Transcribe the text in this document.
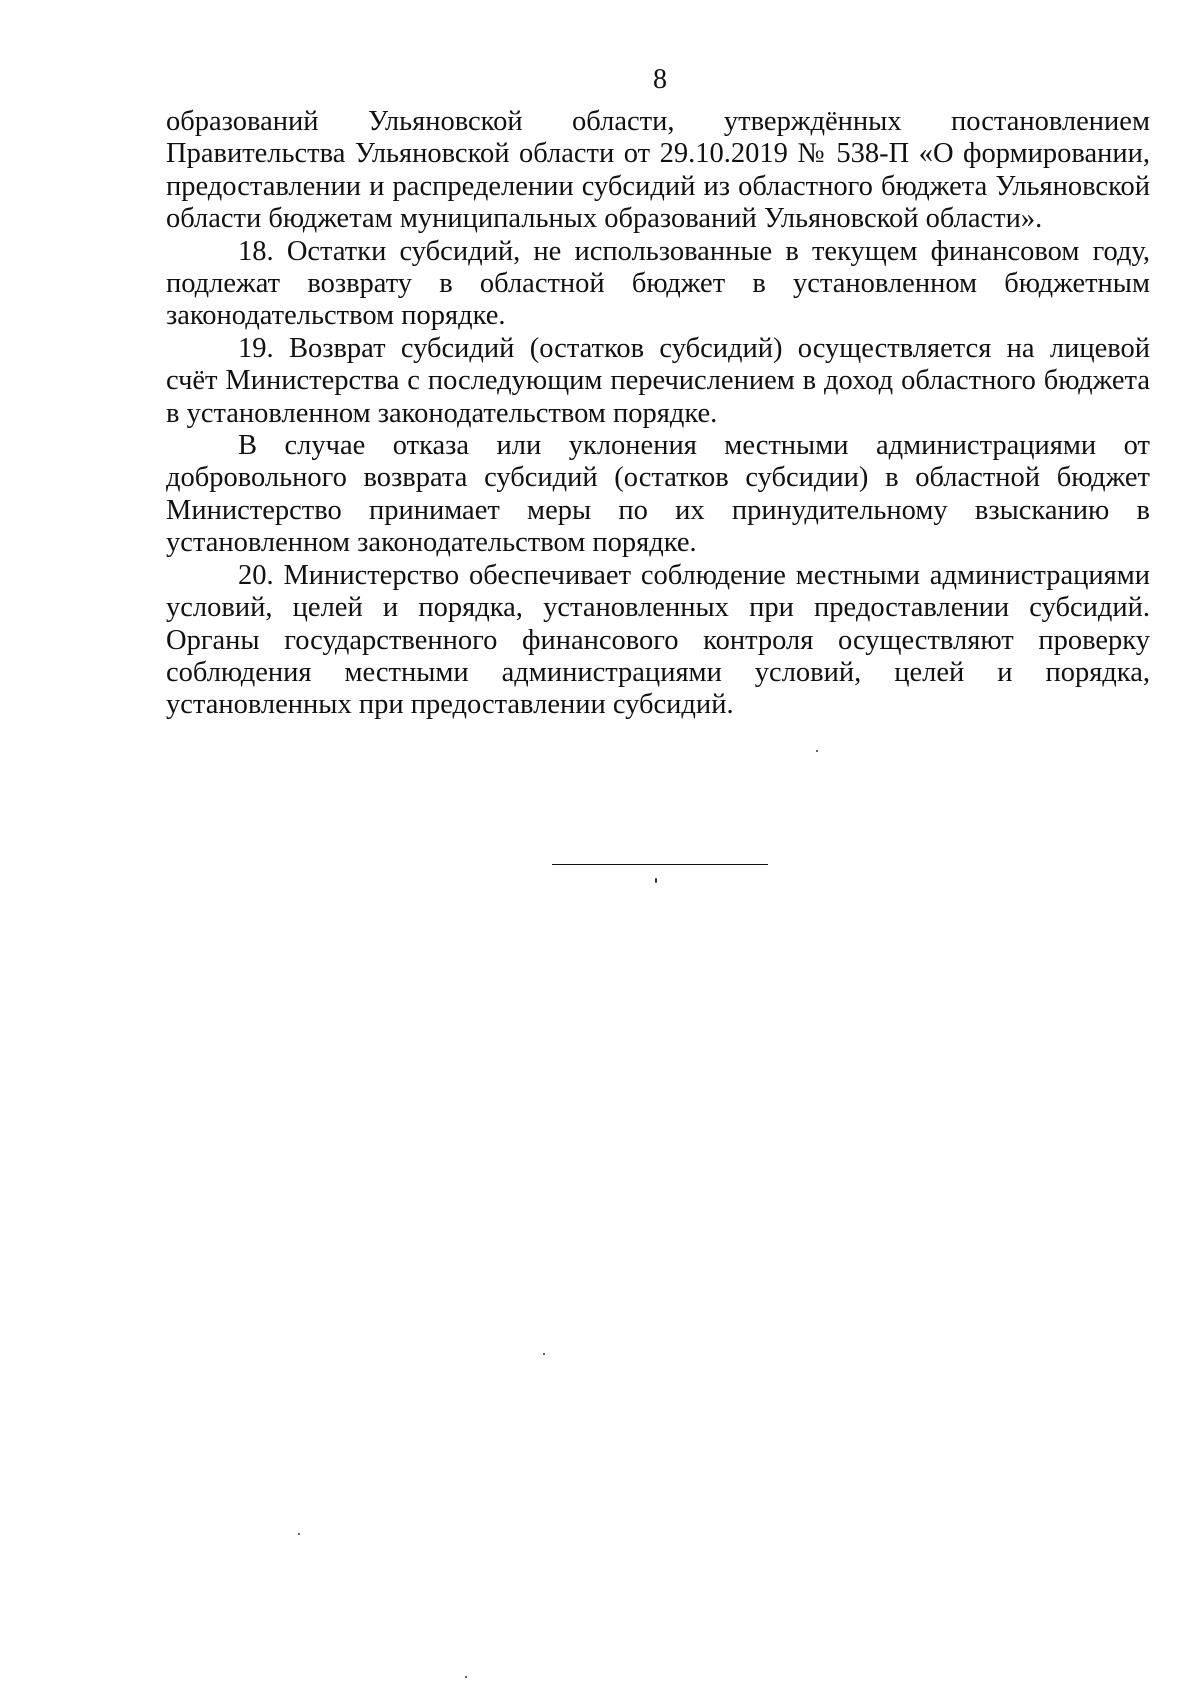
8

образований Ульяновской области, утверждённых постановлением Правительства Ульяновской области от 29.10.2019 № 538-П «О формировании, предоставлении и распределении субсидий из областного бюджета Ульяновской области бюджетам муниципальных образований Ульяновской области».

18. Остатки субсидий, не использованные в текущем финансовом году, подлежат возврату в областной бюджет в установленном бюджетным законодательством порядке.

19. Возврат субсидий (остатков субсидий) осуществляется на лицевой счёт Министерства с последующим перечислением в доход областного бюджета в установленном законодательством порядке.

В случае отказа или уклонения местными администрациями от добровольного возврата субсидий (остатков субсидии) в областной бюджет Министерство принимает меры по их принудительному взысканию в установленном законодательством порядке.

20. Министерство обеспечивает соблюдение местными администрациями условий, целей и порядка, установленных при предоставлении субсидий. Органы государственного финансового контроля осуществляют проверку соблюдения местными администрациями условий, целей и порядка, установленных при предоставлении субсидий.
